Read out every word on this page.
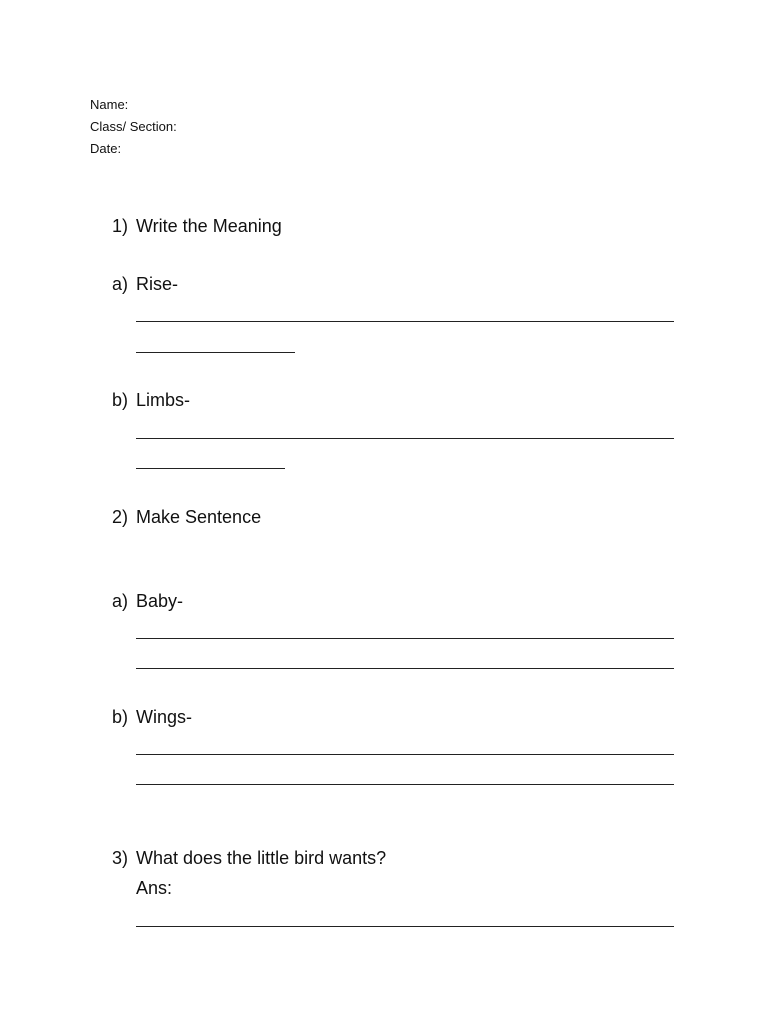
Name:
Class/ Section:
Date:
1) Write the Meaning
a) Rise-
b) Limbs-
2) Make Sentence
a) Baby-
b) Wings-
3) What does the little bird wants?
Ans:
